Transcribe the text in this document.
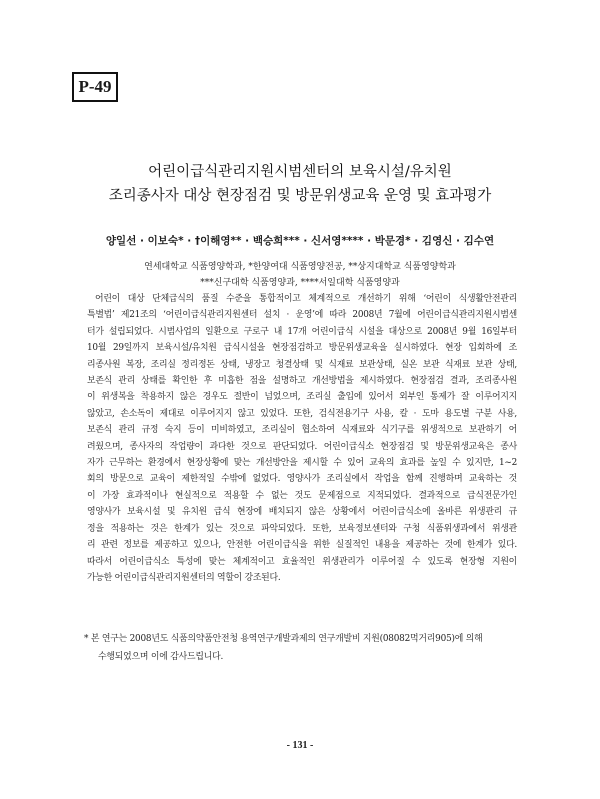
P-49
어린이급식관리지원시범센터의 보육시설/유치원
조리종사자 대상 현장점검 및 방문위생교육 운영 및 효과평가
양일선 · 이보숙* · †이해영** · 백승희*** · 신서영**** · 박문경* · 김영신 · 김수연
연세대학교 식품영양학과, *한양여대 식품영양전공, **상지대학교 식품영양학과
***신구대학 식품영양과, ****서일대학 식품영양과
어린이 대상 단체급식의 품질 수준을 통합적이고 체계적으로 개선하기 위해 ‘어린이 식생활안전관리
특별법’ 제21조의 ‘어린이급식관리지원센터 설치 · 운영’에 따라 2008년 7월에 어린이급식관리지원시범센
터가 설립되었다. 시범사업의 일환으로 구로구 내 17개 어린이급식 시설을 대상으로 2008년 9월 16일부터
10월 29일까지 보육시설/유치원 급식시설을 현장점검하고 방문위생교육을 실시하였다. 현장 입회하에 조
리종사원 복장, 조리실 정리정돈 상태, 냉장고 청결상태 및 식재료 보관상태, 실온 보관 식재료 보관 상태,
보존식 관리 상태를 확인한 후 미흡한 점을 설명하고 개선방법을 제시하였다. 현장점검 결과, 조리종사원
이 위생복을 착용하지 않은 경우도 절반이 넘었으며, 조리실 출입에 있어서 외부인 통제가 잘 이루어지지
않았고, 손소독이 제대로 이루어지지 않고 있었다. 또한, 검식전용기구 사용, 칼 · 도마 용도별 구분 사용,
보존식 관리 규정 숙지 등이 미비하였고, 조리실이 협소하여 식재료와 식기구를 위생적으로 보관하기 어
려웠으며, 종사자의 작업량이 과다한 것으로 판단되었다. 어린이급식소 현장점검 및 방문위생교육은 종사
자가 근무하는 환경에서 현장상황에 맞는 개선방안을 제시할 수 있어 교육의 효과를 높일 수 있지만, 1~2
회의 방문으로 교육이 제한적일 수밖에 없었다. 영양사가 조리실에서 작업을 함께 진행하며 교육하는 것
이 가장 효과적이나 현실적으로 적용할 수 없는 것도 문제점으로 지적되었다. 결과적으로 급식전문가인
영양사가 보육시설 및 유치원 급식 현장에 배치되지 않은 상황에서 어린이급식소에 올바른 위생관리 규
정을 적용하는 것은 한계가 있는 것으로 파악되었다. 또한, 보육정보센터와 구청 식품위생과에서 위생관
리 관련 정보를 제공하고 있으나, 안전한 어린이급식을 위한 실질적인 내용을 제공하는 것에 한계가 있다.
따라서 어린이급식소 특성에 맞는 체계적이고 효율적인 위생관리가 이루어질 수 있도록 현장형 지원이
가능한 어린이급식관리지원센터의 역할이 강조된다.
* 본 연구는 2008년도 식품의약품안전청 용역연구개발과제의 연구개발비 지원(08082먹거리905)에 의해
수행되었으며 이에 감사드립니다.
- 131 -
